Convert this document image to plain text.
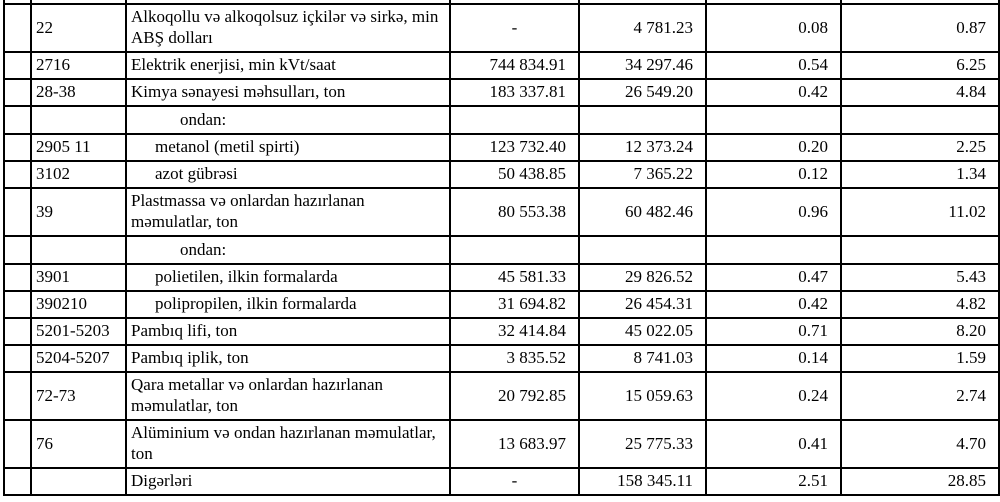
	22	Alkoqollu və alkoqolsuz içkilər və sirkə, min ABŞ dolları	-	4 781.23	0.08	0.87
	2716	Elektrik enerjisi, min kVt/saat	744 834.91	34 297.46	0.54	6.25
	28-38	Kimya sənayesi məhsulları, ton	183 337.81	26 549.20	0.42	4.84
		ondan:				
	2905 11	metanol (metil spirti)	123 732.40	12 373.24	0.20	2.25
	3102	azot gübrəsi	50 438.85	7 365.22	0.12	1.34
	39	Plastmassa və onlardan hazırlanan məmulatlar, ton	80 553.38	60 482.46	0.96	11.02
		ondan:				
	3901	polietilen, ilkin formalarda	45 581.33	29 826.52	0.47	5.43
	390210	polipropilen, ilkin formalarda	31 694.82	26 454.31	0.42	4.82
	5201-5203	Pambıq lifi, ton	32 414.84	45 022.05	0.71	8.20
	5204-5207	Pambıq iplik, ton	3 835.52	8 741.03	0.14	1.59
	72-73	Qara metallar və onlardan hazırlanan məmulatlar, ton	20 792.85	15 059.63	0.24	2.74
	76	Alüminium və ondan hazırlanan məmulatlar, ton	13 683.97	25 775.33	0.41	4.70
		Digərləri	-	158 345.11	2.51	28.85
